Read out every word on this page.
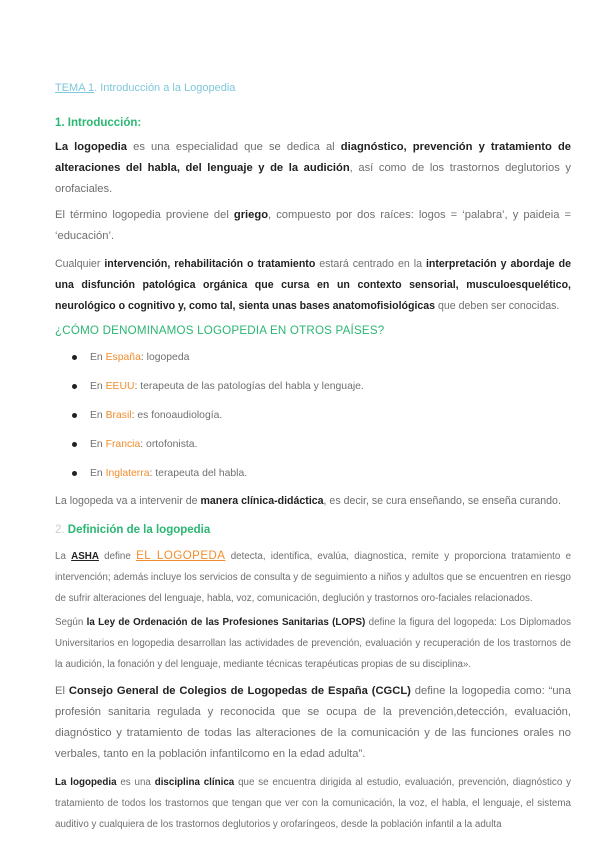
TEMA 1. Introducción a la Logopedia
1. Introducción:

La logopedia es una especialidad que se dedica al diagnóstico, prevención y tratamiento de alteraciones del habla, del lenguaje y de la audición, así como de los trastornos deglutorios y orofaciales.

El término logopedia proviene del griego, compuesto por dos raíces: logos = ‘palabra’, y paideia = ‘educación’.

Cualquier intervención, rehabilitación o tratamiento estará centrado en la interpretación y abordaje de una disfunción patológica orgánica que cursa en un contexto sensorial, musculoesquelético, neurológico o cognitivo y, como tal, sienta unas bases anatomofisiológicas que deben ser conocidas.

¿CÓMO DENOMINAMOS LOGOPEDIA EN OTROS PAÍSES?
En España: logopeda
En EEUU: terapeuta de las patologías del habla y lenguaje.
En Brasil: es fonoaudiología.
En Francia: ortofonista.
En Inglaterra: terapeuta del habla.

La logopeda va a intervenir de manera clínica-didáctica, es decir, se cura enseñando, se enseña curando.

2. Definición de la logopedia

La ASHA define EL LOGOPEDA detecta, identifica, evalúa, diagnostica, remite y proporciona tratamiento e intervención; además incluye los servicios de consulta y de seguimiento a niños y adultos que se encuentren en riesgo de sufrir alteraciones del lenguaje, habla, voz, comunicación, deglución y trastornos oro-faciales relacionados.

Según la Ley de Ordenación de las Profesiones Sanitarias (LOPS) define la figura del logopeda: Los Diplomados Universitarios en logopedia desarrollan las actividades de prevención, evaluación y recuperación de los trastornos de la audición, la fonación y del lenguaje, mediante técnicas terapéuticas propias de su disciplina».

El Consejo General de Colegios de Logopedas de España (CGCL) define la logopedia como: “una profesión sanitaria regulada y reconocida que se ocupa de la prevención,detección, evaluación, diagnóstico y tratamiento de todas las alteraciones de la comunicación y de las funciones orales no verbales, tanto en la población infantilcomo en la edad adulta”.

La logopedia es una disciplina clínica que se encuentra dirigida al estudio, evaluación, prevención, diagnóstico y tratamiento de todos los trastornos que tengan que ver con la comunicación, la voz, el habla, el lenguaje, el sistema auditivo y cualquiera de los trastornos deglutorios y orofaríngeos, desde la población infantil a la adulta
